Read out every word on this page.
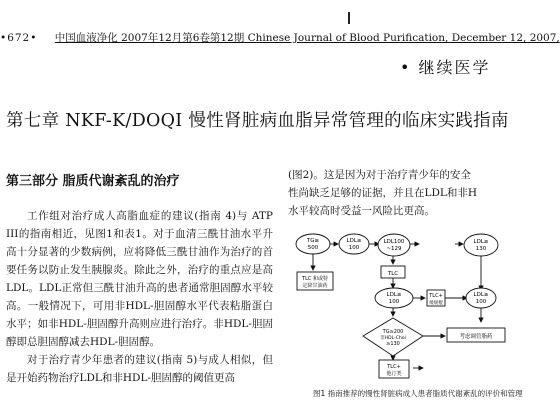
•672• 中国血液净化 2007年12月第6卷第12期 Chinese Journal of Blood Purification, December 12, 2007,
• 继续医学
第七章 NKF-K/DOQI 慢性肾脏病血脂异常管理的临床实践指南
第三部分 脂质代谢紊乱的治疗

工作组对治疗成人高脂血症的建议(指南 4)与 ATP III的指南相近，见图1和表1。对于血清三酰甘油水平升高十分显著的少数病例，应将降低三酰甘油作为治疗的首要任务以防止发生胰腺炎。除此之外，治疗的重点应是高LDL。LDL正常但三酰甘油升高的患者通常胆固醇水平较高。一般情况下，可用非HDL-胆固醇水平代表粘脂蛋白水平；如非HDL-胆固醇升高则应进行治疗。非HDL-胆固醇即总胆固醇减去HDL-胆固醇。

对于治疗青少年患者的建议(指南 5)与成人相似，但是开始药物治疗LDL和非HDL-胆固醇的阈值更高

(图2)。这是因为对于治疗青少年的安全
性尚缺乏足够的证据，并且在LDL和非H
水平较高时受益一风险比更高。
TG≥
500
LDL≥
100
LDL100
~129
LDL≥
130
TLC 和或特
定降甘油药
TLC
LDL≥
100
TLC+
缓缓棍
TG≥200
非HDL-Chol
≥130
LDL≥
100
考虑调管脂药
TLC+
他汀类
图1 指南推荐的慢性肾脏病成人患者脂质代谢紊乱的评价和管理
